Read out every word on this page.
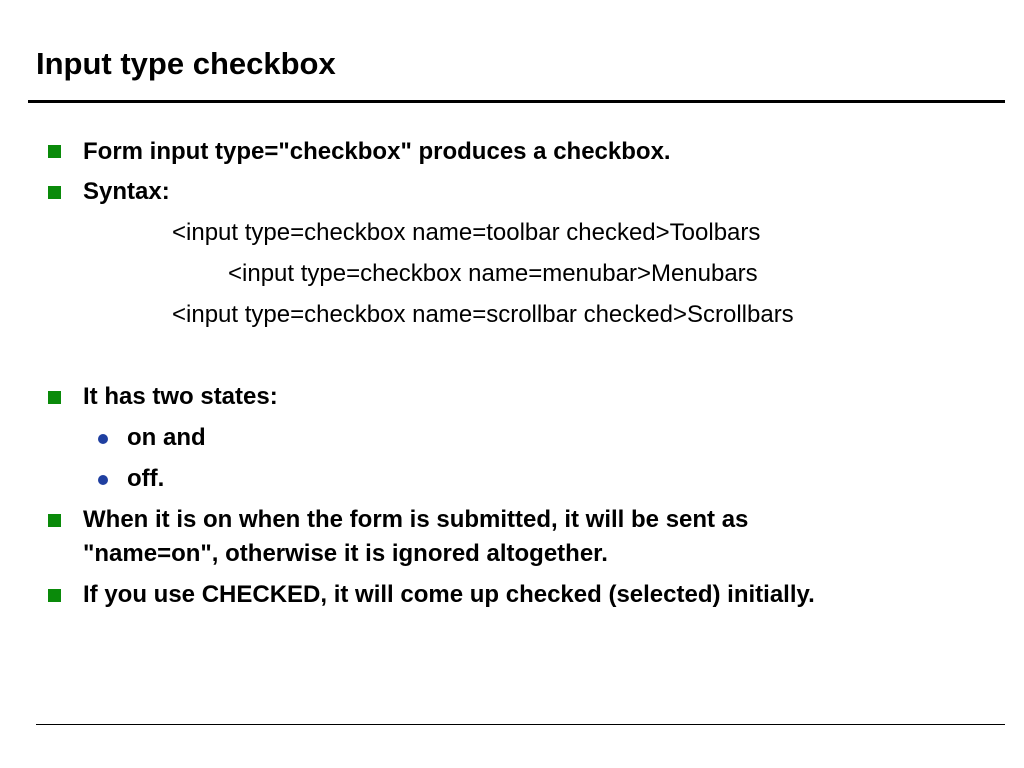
Input type checkbox
Form input type="checkbox" produces a checkbox.
Syntax:
<input type=checkbox name=toolbar checked>Toolbars
<input type=checkbox name=menubar>Menubars
<input type=checkbox name=scrollbar checked>Scrollbars
It has two states:
on and
off.
When it is on when the form is submitted, it will be sent as
"name=on", otherwise it is ignored altogether.
If you use CHECKED, it will come up checked (selected) initially.
